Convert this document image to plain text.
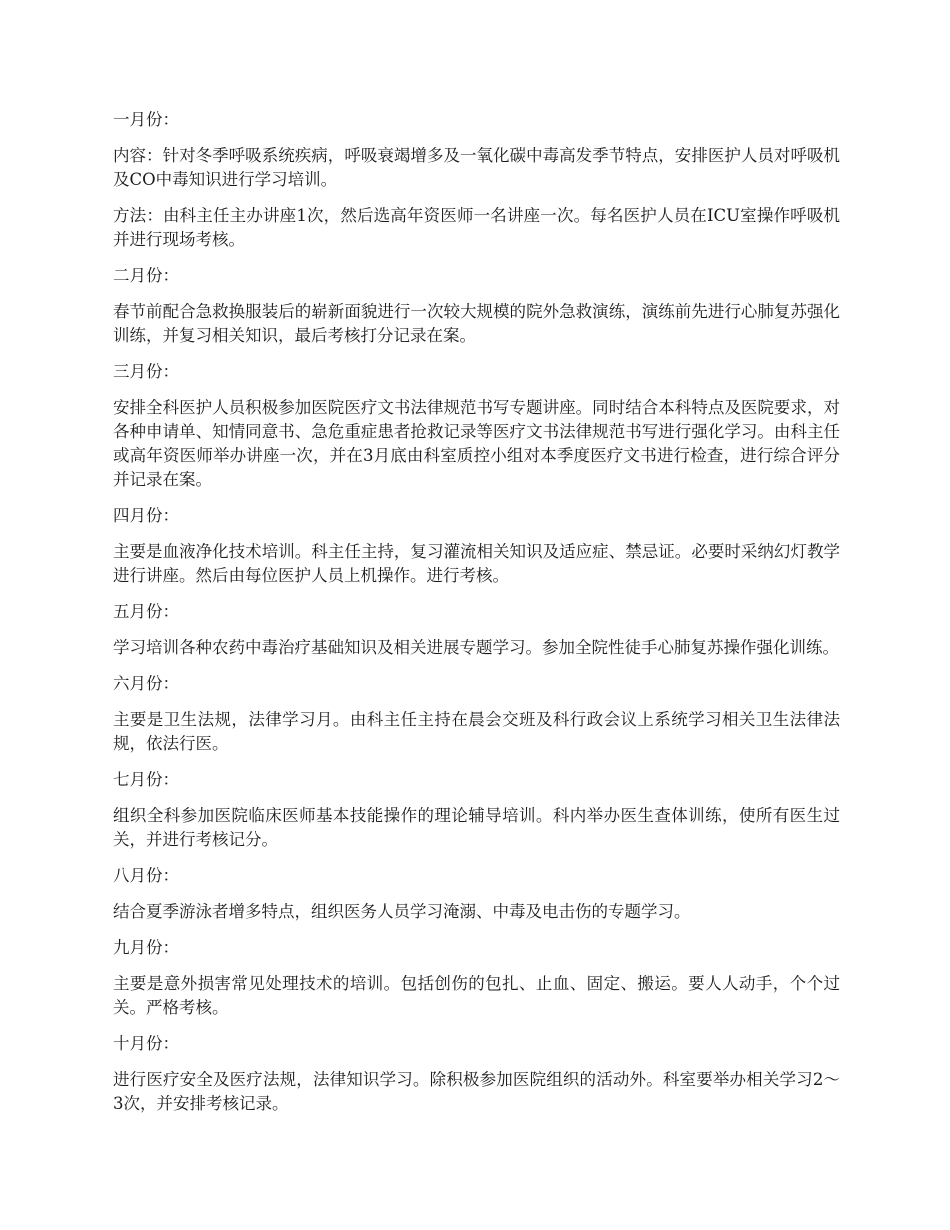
一月份：

内容：针对冬季呼吸系统疾病，呼吸衰竭增多及一氧化碳中毒高发季节特点，安排医护人员对呼吸机及CO中毒知识进行学习培训。

方法：由科主任主办讲座1次，然后选高年资医师一名讲座一次。每名医护人员在ICU室操作呼吸机并进行现场考核。

二月份：

春节前配合急救换服装后的崭新面貌进行一次较大规模的院外急救演练，演练前先进行心肺复苏强化训练，并复习相关知识，最后考核打分记录在案。

三月份：

安排全科医护人员积极参加医院医疗文书法律规范书写专题讲座。同时结合本科特点及医院要求，对各种申请单、知情同意书、急危重症患者抢救记录等医疗文书法律规范书写进行强化学习。由科主任或高年资医师举办讲座一次，并在3月底由科室质控小组对本季度医疗文书进行检查，进行综合评分并记录在案。

四月份：

主要是血液净化技术培训。科主任主持，复习灌流相关知识及适应症、禁忌证。必要时采纳幻灯教学进行讲座。然后由每位医护人员上机操作。进行考核。

五月份：

学习培训各种农药中毒治疗基础知识及相关进展专题学习。参加全院性徒手心肺复苏操作强化训练。

六月份：

主要是卫生法规，法律学习月。由科主任主持在晨会交班及科行政会议上系统学习相关卫生法律法规，依法行医。

七月份：

组织全科参加医院临床医师基本技能操作的理论辅导培训。科内举办医生查体训练，使所有医生过关，并进行考核记分。

八月份：

结合夏季游泳者增多特点，组织医务人员学习淹溺、中毒及电击伤的专题学习。

九月份：

主要是意外损害常见处理技术的培训。包括创伤的包扎、止血、固定、搬运。要人人动手，个个过关。严格考核。

十月份：

进行医疗安全及医疗法规，法律知识学习。除积极参加医院组织的活动外。科室要举办相关学习2～3次，并安排考核记录。
